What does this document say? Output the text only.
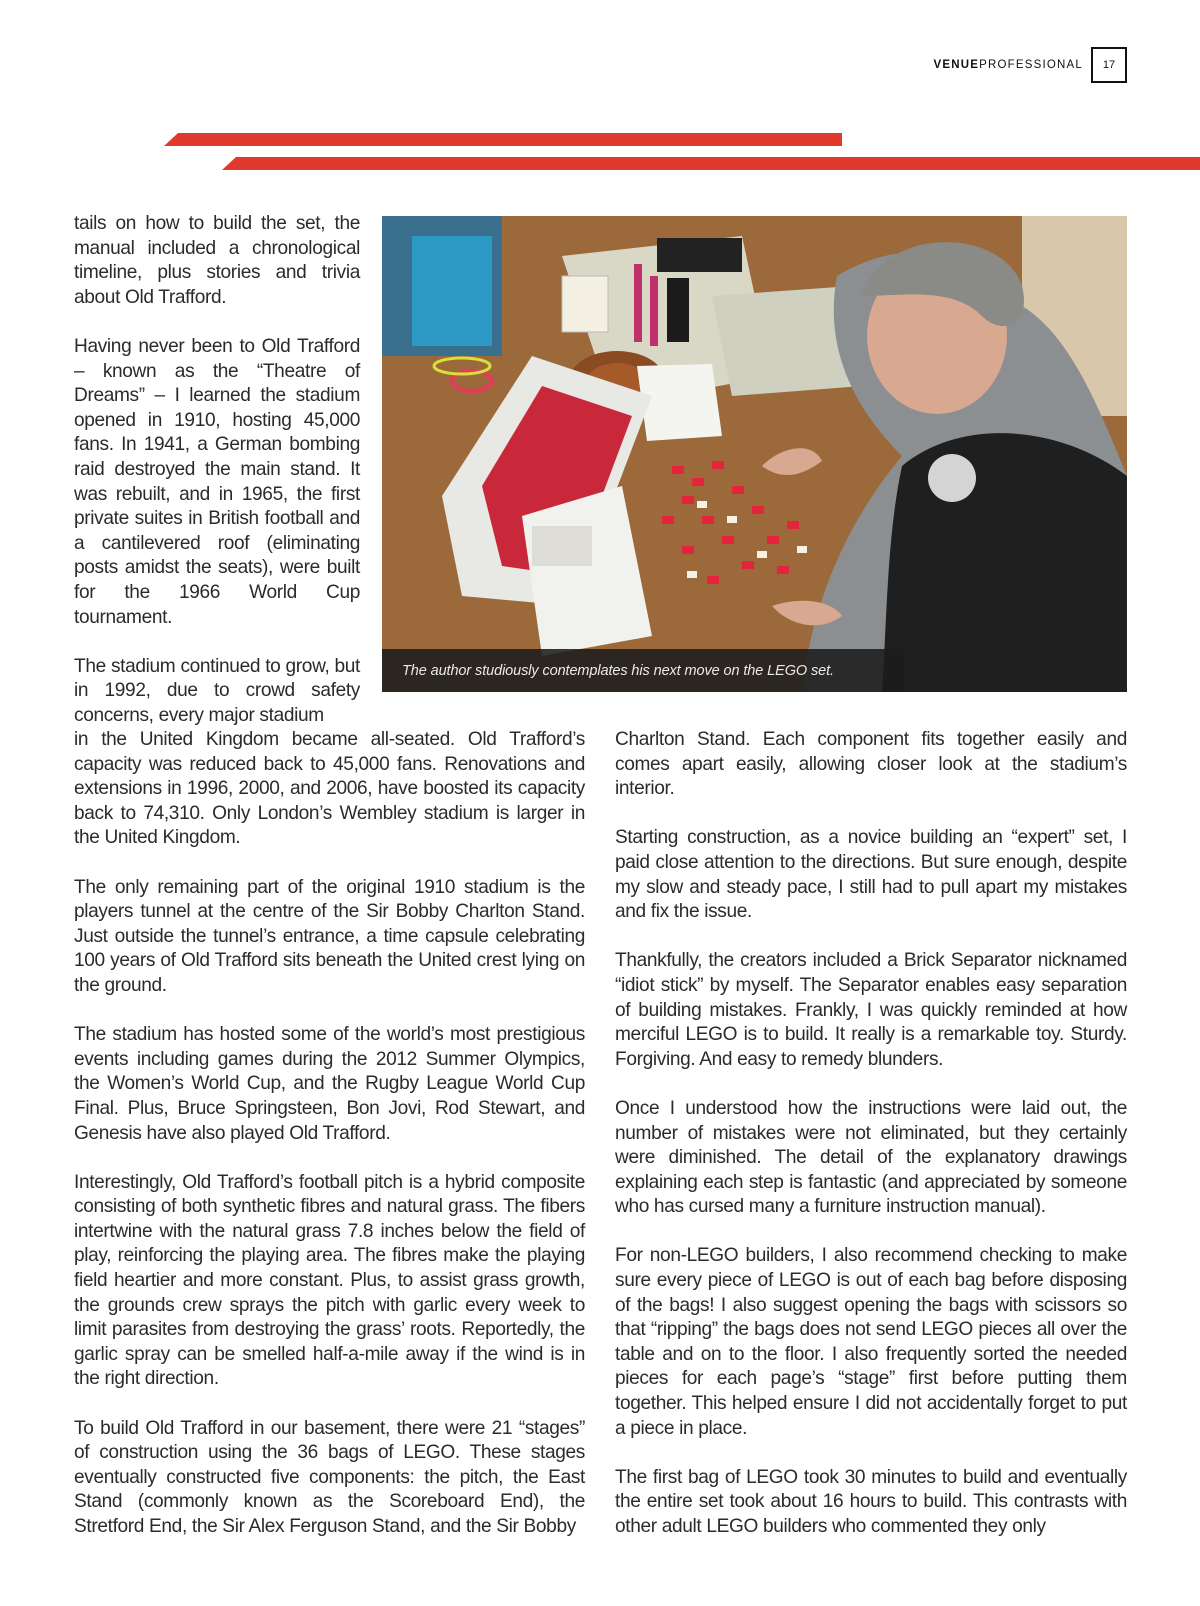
VENUEPROFESSIONAL	17

tails on how to build the set, the manual included a chronological timeline, plus stories and trivia about Old Trafford.

Having never been to Old Trafford – known as the “Theatre of Dreams” – I learned the stadium opened in 1910, hosting 45,000 fans. In 1941, a German bombing raid destroyed the main stand. It was rebuilt, and in 1965, the first private suites in British football and a cantilevered roof (eliminating posts amidst the seats), were built for the 1966 World Cup tournament.

The stadium continued to grow, but in 1992, due to crowd safety concerns, every major stadium

The author studiously contemplates his next move on the LEGO set.

in the United Kingdom became all-seated. Old Trafford’s capacity was reduced back to 45,000 fans. Renovations and extensions in 1996, 2000, and 2006, have boosted its capacity back to 74,310. Only London’s Wembley stadium is larger in the United Kingdom.

The only remaining part of the original 1910 stadium is the players tunnel at the centre of the Sir Bobby Charlton Stand. Just outside the tunnel’s entrance, a time capsule celebrating 100 years of Old Trafford sits beneath the United crest lying on the ground.

The stadium has hosted some of the world’s most prestigious events including games during the 2012 Summer Olympics, the Women’s World Cup, and the Rugby League World Cup Final. Plus, Bruce Springsteen, Bon Jovi, Rod Stewart, and Genesis have also played Old Trafford.

Interestingly, Old Trafford’s football pitch is a hybrid composite consisting of both synthetic fibres and natural grass. The fibers intertwine with the natural grass 7.8 inches below the field of play, reinforcing the playing area. The fibres make the playing field heartier and more constant. Plus, to assist grass growth, the grounds crew sprays the pitch with garlic every week to limit parasites from destroying the grass’ roots. Reportedly, the garlic spray can be smelled half-a-mile away if the wind is in the right direction.

To build Old Trafford in our basement, there were 21 “stages” of construction using the 36 bags of LEGO. These stages eventually constructed five components: the pitch, the East Stand (commonly known as the Scoreboard End), the Stretford End, the Sir Alex Ferguson Stand, and the Sir Bobby

Charlton Stand. Each component fits together easily and comes apart easily, allowing closer look at the stadium’s interior.

Starting construction, as a novice building an “expert” set, I paid close attention to the directions. But sure enough, despite my slow and steady pace, I still had to pull apart my mistakes and fix the issue.

Thankfully, the creators included a Brick Separator nicknamed “idiot stick” by myself. The Separator enables easy separation of building mistakes. Frankly, I was quickly reminded at how merciful LEGO is to build. It really is a remarkable toy. Sturdy. Forgiving. And easy to remedy blunders.

Once I understood how the instructions were laid out, the number of mistakes were not eliminated, but they certainly were diminished. The detail of the explanatory drawings explaining each step is fantastic (and appreciated by someone who has cursed many a furniture instruction manual).

For non-LEGO builders, I also recommend checking to make sure every piece of LEGO is out of each bag before disposing of the bags! I also suggest opening the bags with scissors so that “ripping” the bags does not send LEGO pieces all over the table and on to the floor. I also frequently sorted the needed pieces for each page’s “stage” first before putting them together. This helped ensure I did not accidentally forget to put a piece in place.

The first bag of LEGO took 30 minutes to build and eventually the entire set took about 16 hours to build. This contrasts with other adult LEGO builders who commented they only
